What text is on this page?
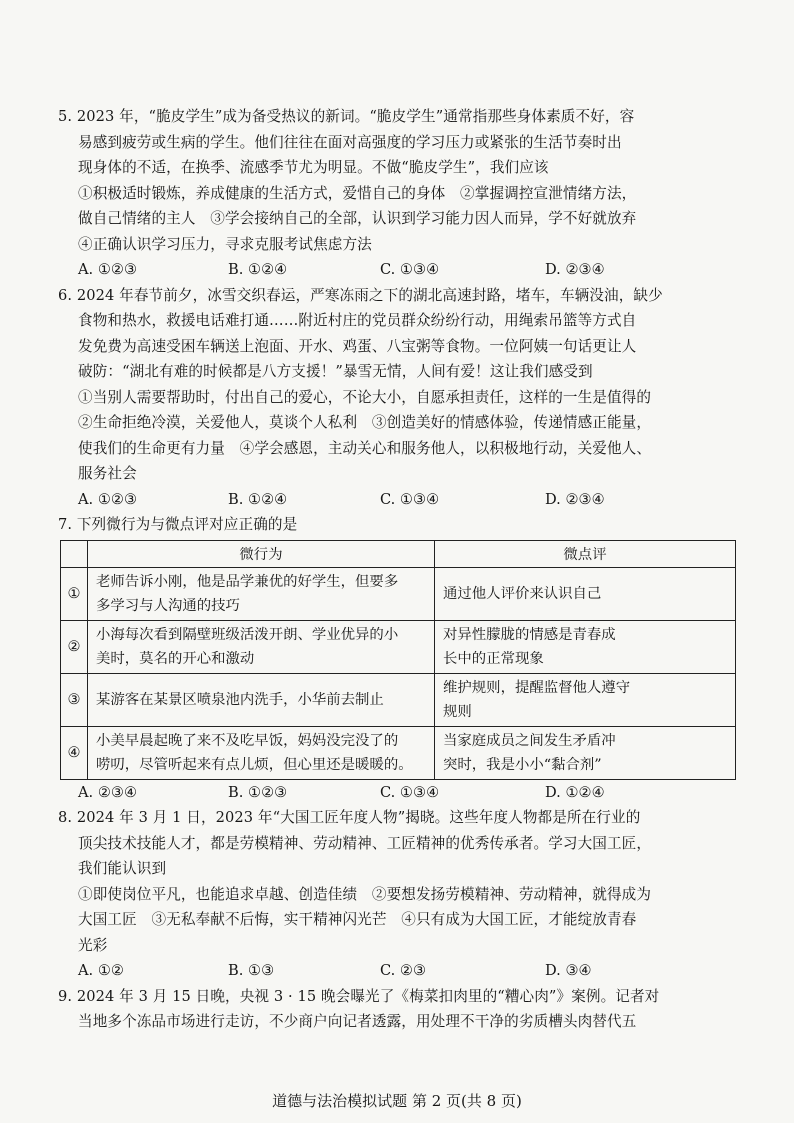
5. 2023 年，“脆皮学生”成为备受热议的新词。“脆皮学生”通常指那些身体素质不好，容
易感到疲劳或生病的学生。他们往往在面对高强度的学习压力或紧张的生活节奏时出
现身体的不适，在换季、流感季节尤为明显。不做“脆皮学生”，我们应该
①积极适时锻炼，养成健康的生活方式，爱惜自己的身体　②掌握调控宣泄情绪方法，
做自己情绪的主人　③学会接纳自己的全部，认识到学习能力因人而异，学不好就放弃
④正确认识学习压力，寻求克服考试焦虑方法
A. ①②③	B. ①②④	C. ①③④	D. ②③④
6. 2024 年春节前夕，冰雪交织春运，严寒冻雨之下的湖北高速封路，堵车，车辆没油，缺少
食物和热水，救援电话难打通……附近村庄的党员群众纷纷行动，用绳索吊篮等方式自
发免费为高速受困车辆送上泡面、开水、鸡蛋、八宝粥等食物。一位阿姨一句话更让人
破防：“湖北有难的时候都是八方支援！”暴雪无情，人间有爱！这让我们感受到
①当别人需要帮助时，付出自己的爱心，不论大小，自愿承担责任，这样的一生是值得的
②生命拒绝冷漠，关爱他人，莫谈个人私利　③创造美好的情感体验，传递情感正能量，
使我们的生命更有力量　④学会感恩，主动关心和服务他人，以积极地行动，关爱他人、
服务社会
A. ①②③	B. ①②④	C. ①③④	D. ②③④
7. 下列微行为与微点评对应正确的是
	微行为	微点评
①	老师告诉小刚，他是品学兼优的好学生，但要多
多学习与人沟通的技巧	通过他人评价来认识自己
②	小海每次看到隔壁班级活泼开朗、学业优异的小
美时，莫名的开心和激动	对异性朦胧的情感是青春成
长中的正常现象
③	某游客在某景区喷泉池内洗手，小华前去制止	维护规则，提醒监督他人遵守
规则
④	小美早晨起晚了来不及吃早饭，妈妈没完没了的
唠叨，尽管听起来有点儿烦，但心里还是暖暖的。	当家庭成员之间发生矛盾冲
突时，我是小小“黏合剂”
A. ②③④	B. ①②③	C. ①③④	D. ①②④
8. 2024 年 3 月 1 日，2023 年“大国工匠年度人物”揭晓。这些年度人物都是所在行业的
顶尖技术技能人才，都是劳模精神、劳动精神、工匠精神的优秀传承者。学习大国工匠，
我们能认识到
①即使岗位平凡，也能追求卓越、创造佳绩　②要想发扬劳模精神、劳动精神，就得成为
大国工匠　③无私奉献不后悔，实干精神闪光芒　④只有成为大国工匠，才能绽放青春
光彩
A. ①②	B. ①③	C. ②③	D. ③④
9. 2024 年 3 月 15 日晚，央视 3 · 15 晚会曝光了《梅菜扣肉里的“糟心肉”》案例。记者对
当地多个冻品市场进行走访，不少商户向记者透露，用处理不干净的劣质槽头肉替代五
道德与法治模拟试题 第 2 页(共 8 页)
